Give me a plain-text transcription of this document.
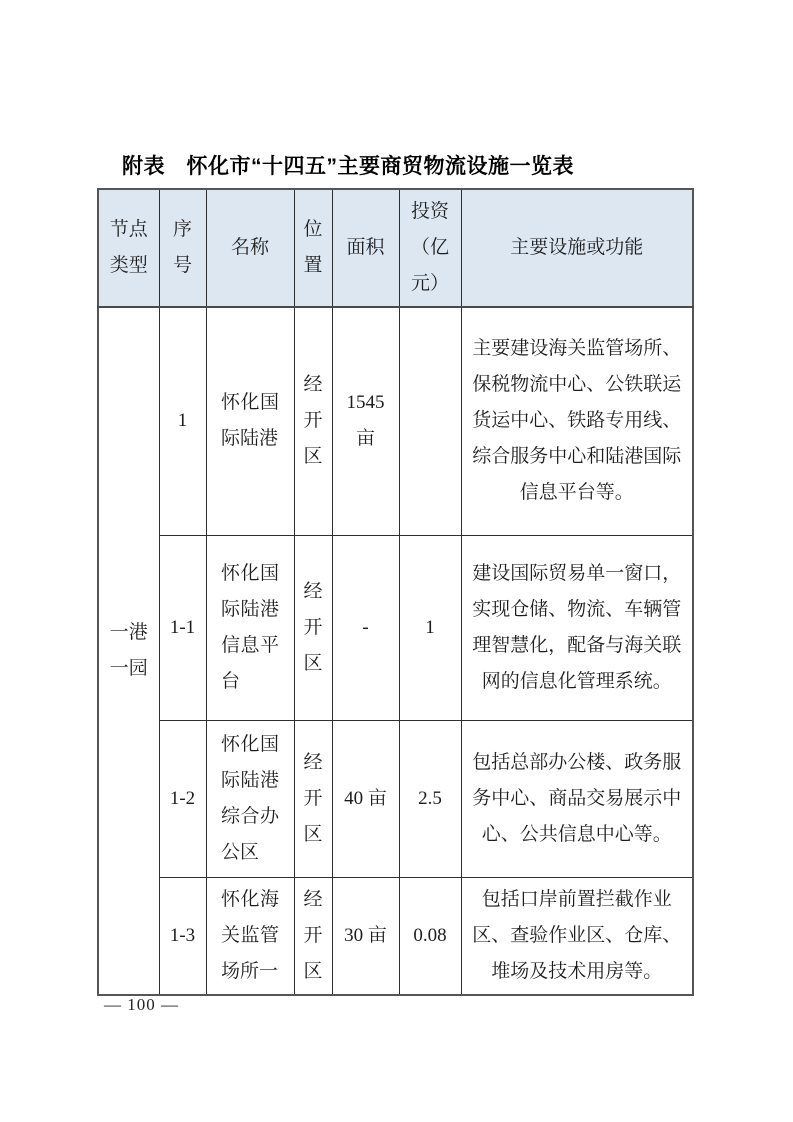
附表　怀化市“十四五”主要商贸物流设施一览表
节点类型	序号	名称	位置	面积	投资（亿元）	主要设施或功能
一港一园	1	怀化国际陆港	经开区	1545 亩		主要建设海关监管场所、保税物流中心、公铁联运货运中心、铁路专用线、综合服务中心和陆港国际信息平台等。
	1-1	怀化国际陆港信息平台	经开区	-	1	建设国际贸易单一窗口，实现仓储、物流、车辆管理智慧化，配备与海关联网的信息化管理系统。
	1-2	怀化国际陆港综合办公区	经开区	40 亩	2.5	包括总部办公楼、政务服务中心、商品交易展示中心、公共信息中心等。
	1-3	怀化海关监管场所一	经开区	30 亩	0.08	包括口岸前置拦截作业区、查验作业区、仓库、堆场及技术用房等。
— 100 —
